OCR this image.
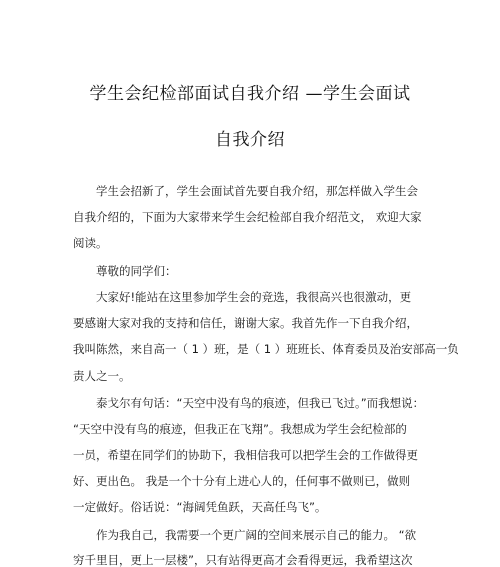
学生会纪检部面试自我介绍 —学生会面试
自我介绍
学生会招新了，学生会面试首先要自我介绍，那怎样做入学生会
自我介绍的，下面为大家带来学生会纪检部自我介绍范文， 欢迎大家
阅读。
尊敬的同学们：
大家好!能站在这里参加学生会的竞选，我很高兴也很激动，更
要感谢大家对我的支持和信任，谢谢大家。我首先作一下自我介绍，
我叫陈然，来自高一（ 1 ）班，是（ 1 ）班班长、体育委员及治安部高一负
责人之一。
泰戈尔有句话：“天空中没有鸟的痕迹，但我已飞过。”而我想说：
“天空中没有鸟的痕迹，但我正在飞翔”。我想成为学生会纪检部的
一员，希望在同学们的协助下，我相信我可以把学生会的工作做得更
好、更出色。 我是一个十分有上进心人的，任何事不做则已，做则
一定做好。俗话说：“海阔凭鱼跃，天高任鸟飞”。
作为我自己，我需要一个更广阔的空间来展示自己的能力。 “欲
穷千里目，更上一层楼”，只有站得更高才会看得更远，我希望这次
